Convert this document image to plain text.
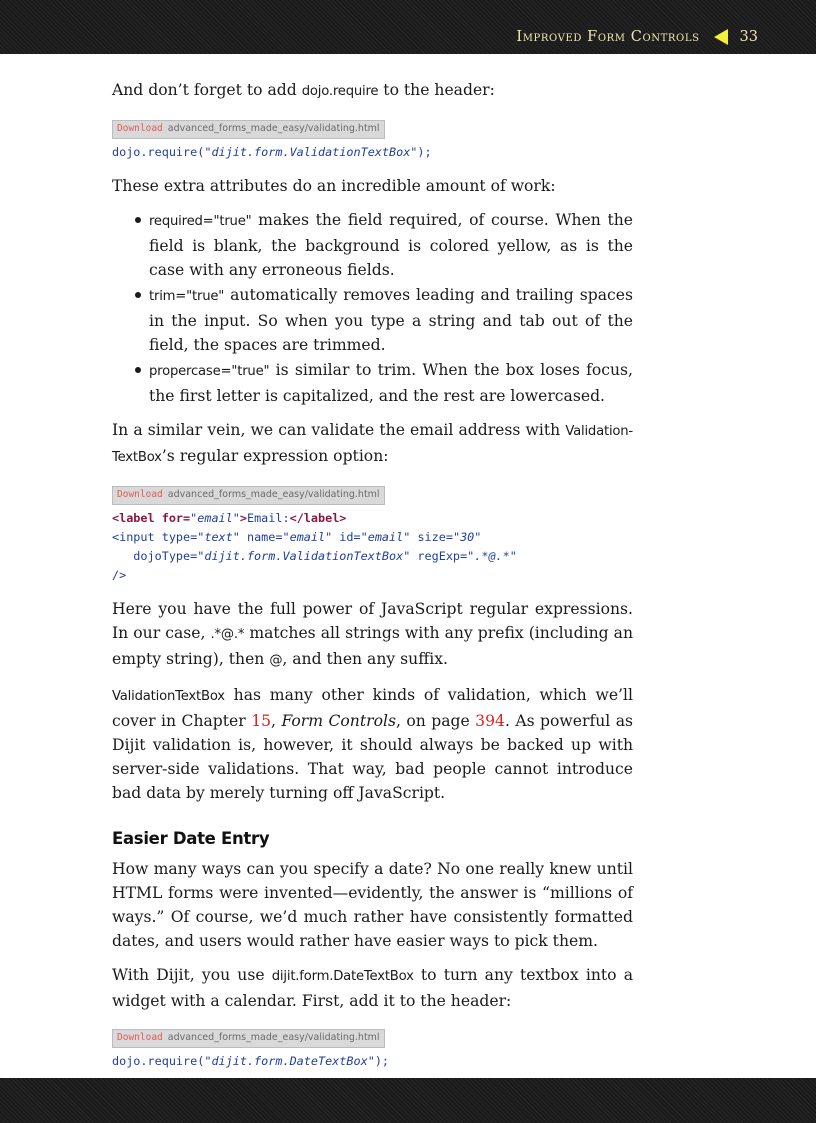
Improved Form Controls	33

And don’t forget to add dojo.require to the header:

Download advanced_forms_made_easy/validating.html
dojo.require("dijit.form.ValidationTextBox");

These extra attributes do an incredible amount of work:

required="true" makes the field required, of course. When the field is blank, the background is colored yellow, as is the case with any erroneous fields.
trim="true" automatically removes leading and trailing spaces in the input. So when you type a string and tab out of the field, the spaces are trimmed.
propercase="true" is similar to trim. When the box loses focus, the first letter is capitalized, and the rest are lowercased.

In a similar vein, we can validate the email address with Validation-TextBox’s regular expression option:

Download advanced_forms_made_easy/validating.html
<label for="email">Email:</label>
<input type="text" name="email" id="email" size="30"
dojoType="dijit.form.ValidationTextBox" regExp=".*@.*"
/>

Here you have the full power of JavaScript regular expressions. In our case, .*@.* matches all strings with any prefix (including an empty string), then @, and then any suffix.

ValidationTextBox has many other kinds of validation, which we’ll cover in Chapter 15, Form Controls, on page 394. As powerful as Dijit validation is, however, it should always be backed up with server-side validations. That way, bad people cannot introduce bad data by merely turning off JavaScript.

Easier Date Entry

How many ways can you specify a date? No one really knew until HTML forms were invented—evidently, the answer is “millions of ways.” Of course, we’d much rather have consistently formatted dates, and users would rather have easier ways to pick them.

With Dijit, you use dijit.form.DateTextBox to turn any textbox into a widget with a calendar. First, add it to the header:

Download advanced_forms_made_easy/validating.html
dojo.require("dijit.form.DateTextBox");
